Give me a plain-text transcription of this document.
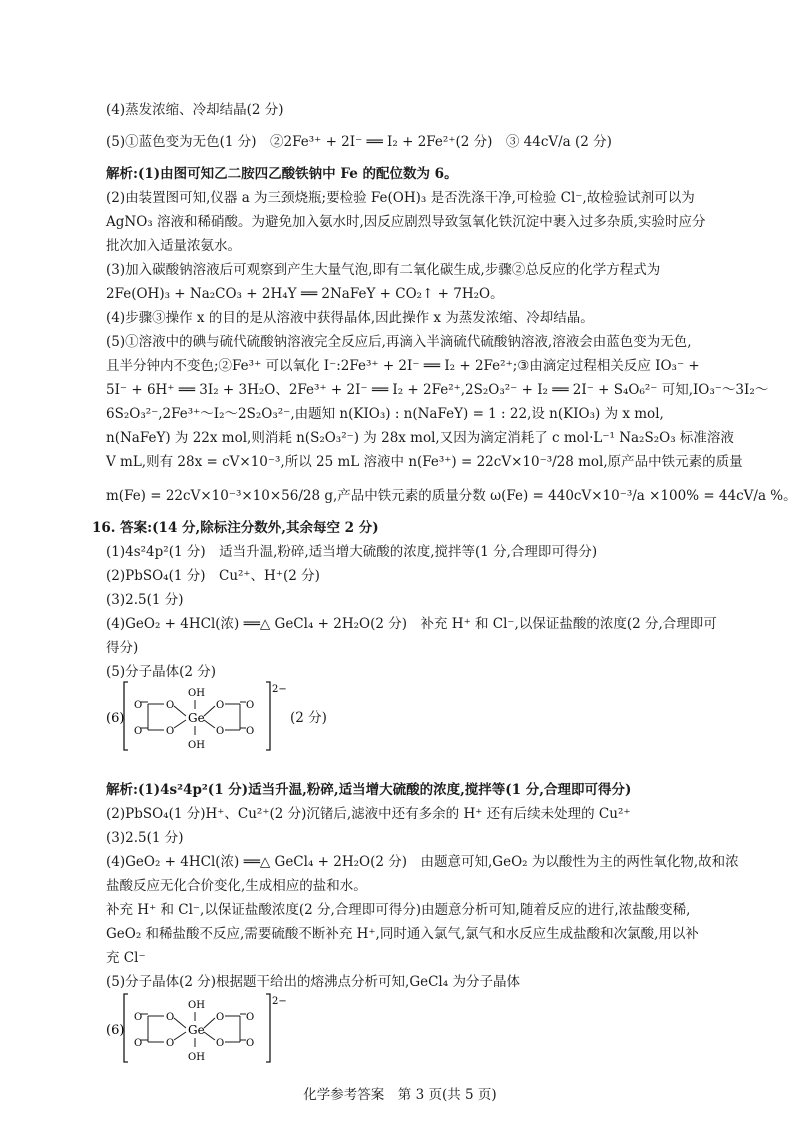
(4)蒸发浓缩、冷却结晶(2 分)
(5)①蓝色变为无色(1 分)　②2Fe³⁺ + 2I⁻ ══ I₂ + 2Fe²⁺(2 分)　③ 44cV/a (2 分)
解析:(1)由图可知乙二胺四乙酸铁钠中 Fe 的配位数为 6。
(2)由装置图可知,仪器 a 为三颈烧瓶;要检验 Fe(OH)₃ 是否洗涤干净,可检验 Cl⁻,故检验试剂可以为
AgNO₃ 溶液和稀硝酸。为避免加入氨水时,因反应剧烈导致氢氧化铁沉淀中裹入过多杂质,实验时应分
批次加入适量浓氨水。
(3)加入碳酸钠溶液后可观察到产生大量气泡,即有二氧化碳生成,步骤②总反应的化学方程式为
2Fe(OH)₃ + Na₂CO₃ + 2H₄Y ══ 2NaFeY + CO₂↑ + 7H₂O。
(4)步骤③操作 x 的目的是从溶液中获得晶体,因此操作 x 为蒸发浓缩、冷却结晶。
(5)①溶液中的碘与硫代硫酸钠溶液完全反应后,再滴入半滴硫代硫酸钠溶液,溶液会由蓝色变为无色,
且半分钟内不变色;②Fe³⁺ 可以氧化 I⁻:2Fe³⁺ + 2I⁻ ══ I₂ + 2Fe²⁺;③由滴定过程相关反应 IO₃⁻ +
5I⁻ + 6H⁺ ══ 3I₂ + 3H₂O、2Fe³⁺ + 2I⁻ ══ I₂ + 2Fe²⁺,2S₂O₃²⁻ + I₂ ══ 2I⁻ + S₄O₆²⁻ 可知,IO₃⁻～3I₂～
6S₂O₃²⁻,2Fe³⁺～I₂～2S₂O₃²⁻,由题知 n(KIO₃) : n(NaFeY) = 1 : 22,设 n(KIO₃) 为 x mol,
n(NaFeY) 为 22x mol,则消耗 n(S₂O₃²⁻) 为 28x mol,又因为滴定消耗了 c mol·L⁻¹ Na₂S₂O₃ 标准溶液
V mL,则有 28x = cV×10⁻³,所以 25 mL 溶液中 n(Fe³⁺) = 22cV×10⁻³/28 mol,原产品中铁元素的质量
m(Fe) = 22cV×10⁻³×10×56/28 g,产品中铁元素的质量分数 ω(Fe) = 440cV×10⁻³/a ×100% = 44cV/a %。
16. 答案:(14 分,除标注分数外,其余每空 2 分)
(1)4s²4p²(1 分)　适当升温,粉碎,适当增大硫酸的浓度,搅拌等(1 分,合理即可得分)
(2)PbSO₄(1 分)　Cu²⁺、H⁺(2 分)
(3)2.5(1 分)
(4)GeO₂ + 4HCl(浓) ══△ GeCl₄ + 2H₂O(2 分)　补充 H⁺ 和 Cl⁻,以保证盐酸的浓度(2 分,合理即可
得分)
(5)分子晶体(2 分)
(6)
2−
OH
Ge
OH
O
O
O
O
O
O
O
O
(2 分)
解析:(1)4s²4p²(1 分)适当升温,粉碎,适当增大硫酸的浓度,搅拌等(1 分,合理即可得分)
(2)PbSO₄(1 分)H⁺、Cu²⁺(2 分)沉锗后,滤液中还有多余的 H⁺ 还有后续未处理的 Cu²⁺
(3)2.5(1 分)
(4)GeO₂ + 4HCl(浓) ══△ GeCl₄ + 2H₂O(2 分)　由题意可知,GeO₂ 为以酸性为主的两性氧化物,故和浓
盐酸反应无化合价变化,生成相应的盐和水。
补充 H⁺ 和 Cl⁻,以保证盐酸浓度(2 分,合理即可得分)由题意分析可知,随着反应的进行,浓盐酸变稀,
GeO₂ 和稀盐酸不反应,需要硫酸不断补充 H⁺,同时通入氯气,氯气和水反应生成盐酸和次氯酸,用以补
充 Cl⁻
(5)分子晶体(2 分)根据题干给出的熔沸点分析可知,GeCl₄ 为分子晶体
(6)
2−
OH
Ge
OH
O
O
O
O
O
O
O
O
化学参考答案　第 3 页(共 5 页)
